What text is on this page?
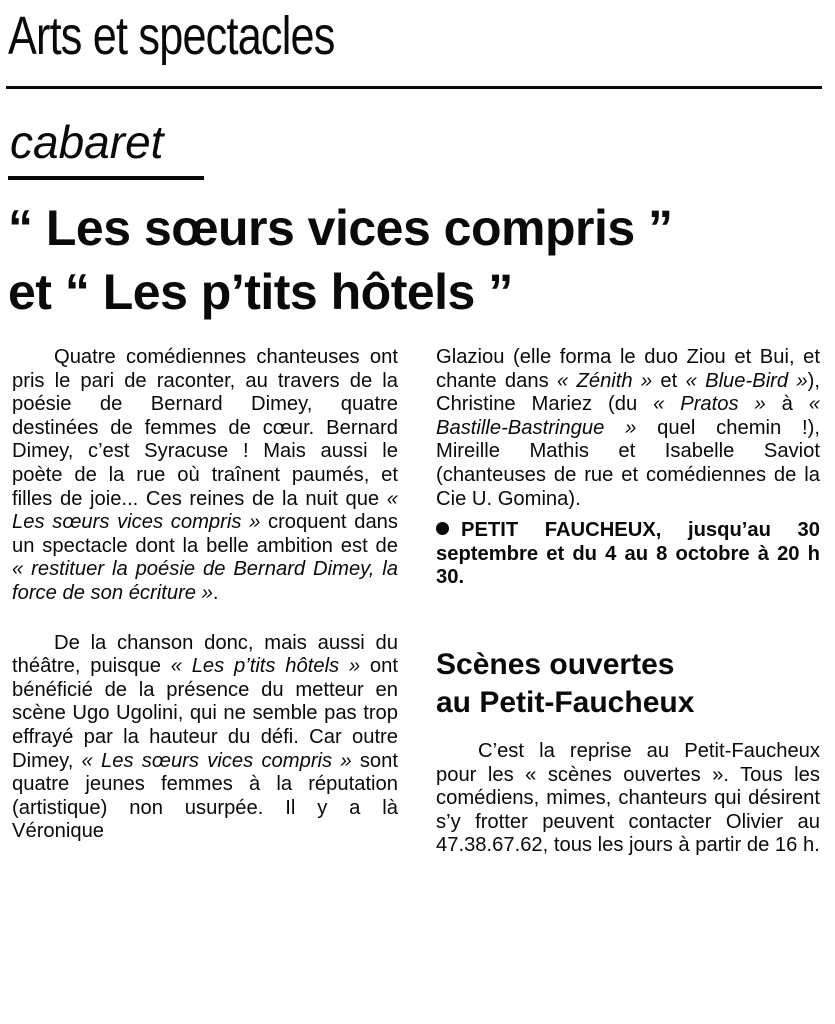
Arts et spectacles
cabaret
“ Les sœurs vices compris ”
et “ Les p’tits hôtels ”

Quatre comédiennes chanteuses ont pris le pari de raconter, au travers de la poésie de Bernard Dimey, quatre destinées de femmes de cœur. Bernard Dimey, c’est Syracuse ! Mais aussi le poète de la rue où traînent paumés, et filles de joie... Ces reines de la nuit que « Les sœurs vices compris » croquent dans un spectacle dont la belle ambition est de « restituer la poésie de Bernard Dimey, la force de son écriture ».

De la chanson donc, mais aussi du théâtre, puisque « Les p’tits hôtels » ont bénéficié de la présence du metteur en scène Ugo Ugolini, qui ne semble pas trop effrayé par la hauteur du défi. Car outre Dimey, « Les sœurs vices compris » sont quatre jeunes femmes à la réputation (artistique) non usurpée. Il y a là Véronique

Glaziou (elle forma le duo Ziou et Bui, et chante dans « Zénith » et « Blue-Bird »), Christine Mariez (du « Pratos » à « Bastille-Bastringue » quel chemin !), Mireille Mathis et Isabelle Saviot (chanteuses de rue et comédiennes de la Cie U. Gomina).

PETIT FAUCHEUX, jusqu’au 30 septembre et du 4 au 8 octobre à 20 h 30.

Scènes ouvertes
au Petit-Faucheux

C’est la reprise au Petit-Faucheux pour les « scènes ouvertes ». Tous les comédiens, mimes, chanteurs qui désirent s’y frotter peuvent contacter Olivier au 47.38.67.62, tous les jours à partir de 16 h.
